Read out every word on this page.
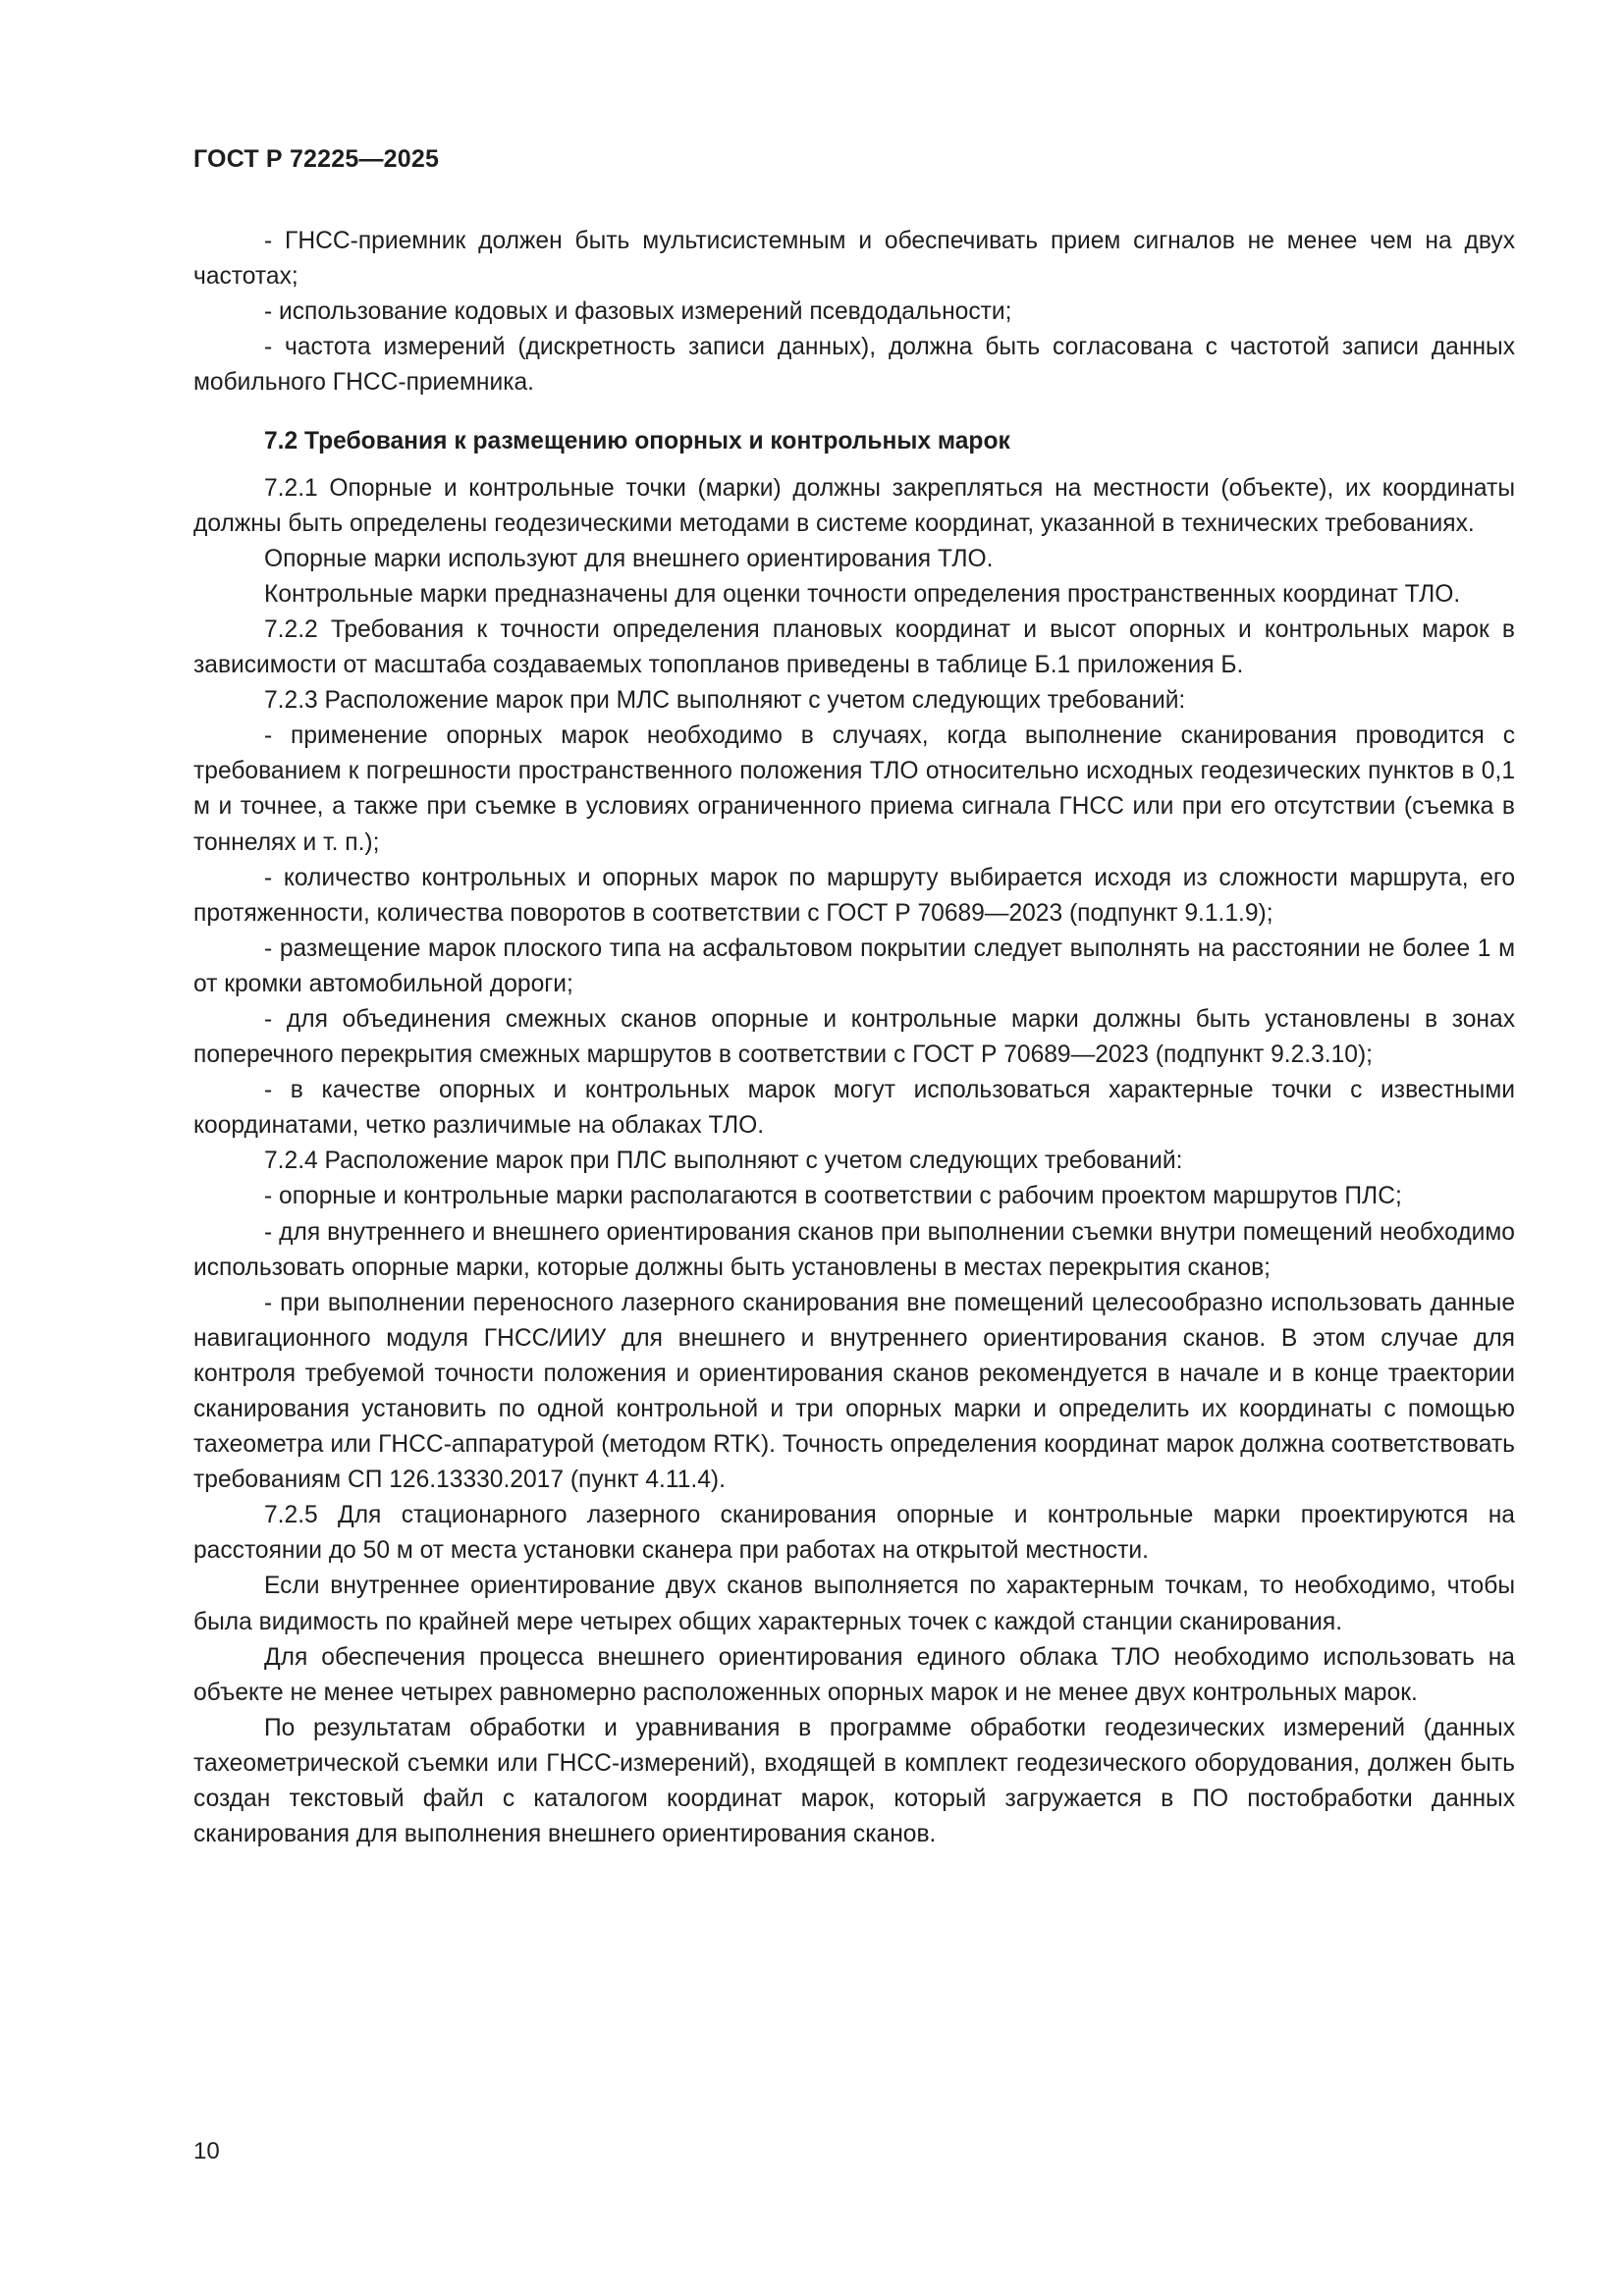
ГОСТ Р 72225—2025

- ГНСС-приемник должен быть мультисистемным и обеспечивать прием сигналов не менее чем на двух частотах;

- использование кодовых и фазовых измерений псевдодальности;

- частота измерений (дискретность записи данных), должна быть согласована с частотой записи данных мобильного ГНСС-приемника.

7.2 Требования к размещению опорных и контрольных марок

7.2.1 Опорные и контрольные точки (марки) должны закрепляться на местности (объекте), их координаты должны быть определены геодезическими методами в системе координат, указанной в технических требованиях.

Опорные марки используют для внешнего ориентирования ТЛО.

Контрольные марки предназначены для оценки точности определения пространственных координат ТЛО.

7.2.2 Требования к точности определения плановых координат и высот опорных и контрольных марок в зависимости от масштаба создаваемых топопланов приведены в таблице Б.1 приложения Б.

7.2.3 Расположение марок при МЛС выполняют с учетом следующих требований:

- применение опорных марок необходимо в случаях, когда выполнение сканирования проводится с требованием к погрешности пространственного положения ТЛО относительно исходных геодезических пунктов в 0,1 м и точнее, а также при съемке в условиях ограниченного приема сигнала ГНСС или при его отсутствии (съемка в тоннелях и т. п.);

- количество контрольных и опорных марок по маршруту выбирается исходя из сложности маршрута, его протяженности, количества поворотов в соответствии с ГОСТ Р 70689—2023 (подпункт 9.1.1.9);

- размещение марок плоского типа на асфальтовом покрытии следует выполнять на расстоянии не более 1 м от кромки автомобильной дороги;

- для объединения смежных сканов опорные и контрольные марки должны быть установлены в зонах поперечного перекрытия смежных маршрутов в соответствии с ГОСТ Р 70689—2023 (подпункт 9.2.3.10);

- в качестве опорных и контрольных марок могут использоваться характерные точки с известными координатами, четко различимые на облаках ТЛО.

7.2.4 Расположение марок при ПЛС выполняют с учетом следующих требований:

- опорные и контрольные марки располагаются в соответствии с рабочим проектом маршрутов ПЛС;

- для внутреннего и внешнего ориентирования сканов при выполнении съемки внутри помещений необходимо использовать опорные марки, которые должны быть установлены в местах перекрытия сканов;

- при выполнении переносного лазерного сканирования вне помещений целесообразно использовать данные навигационного модуля ГНСС/ИИУ для внешнего и внутреннего ориентирования сканов. В этом случае для контроля требуемой точности положения и ориентирования сканов рекомендуется в начале и в конце траектории сканирования установить по одной контрольной и три опорных марки и определить их координаты с помощью тахеометра или ГНСС-аппаратурой (методом RTK). Точность определения координат марок должна соответствовать требованиям СП 126.13330.2017 (пункт 4.11.4).

7.2.5 Для стационарного лазерного сканирования опорные и контрольные марки проектируются на расстоянии до 50 м от места установки сканера при работах на открытой местности.

Если внутреннее ориентирование двух сканов выполняется по характерным точкам, то необходимо, чтобы была видимость по крайней мере четырех общих характерных точек с каждой станции сканирования.

Для обеспечения процесса внешнего ориентирования единого облака ТЛО необходимо использовать на объекте не менее четырех равномерно расположенных опорных марок и не менее двух контрольных марок.

По результатам обработки и уравнивания в программе обработки геодезических измерений (данных тахеометрической съемки или ГНСС-измерений), входящей в комплект геодезического оборудования, должен быть создан текстовый файл с каталогом координат марок, который загружается в ПО постобработки данных сканирования для выполнения внешнего ориентирования сканов.

10
